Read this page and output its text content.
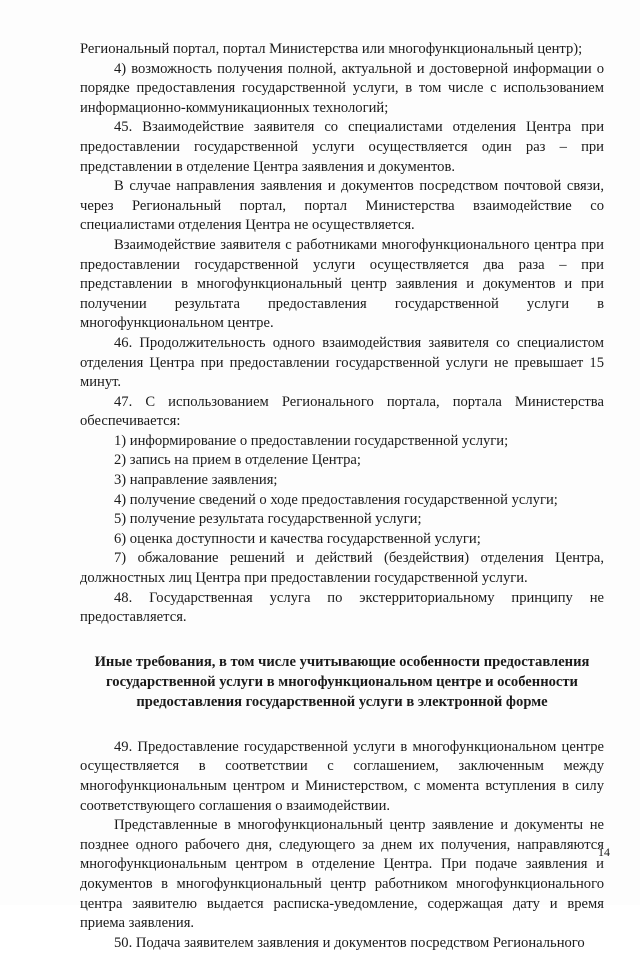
Региональный портал, портал Министерства или многофункциональный центр);

4) возможность получения полной, актуальной и достоверной информации о порядке предоставления государственной услуги, в том числе с использованием информационно-коммуникационных технологий;

45. Взаимодействие заявителя со специалистами отделения Центра при предоставлении государственной услуги осуществляется один раз – при представлении в отделение Центра заявления и документов.

В случае направления заявления и документов посредством почтовой связи, через Региональный портал, портал Министерства взаимодействие со специалистами отделения Центра не осуществляется.

Взаимодействие заявителя с работниками многофункционального центра при предоставлении государственной услуги осуществляется два раза – при представлении в многофункциональный центр заявления и документов и при получении результата предоставления государственной услуги в многофункциональном центре.

46. Продолжительность одного взаимодействия заявителя со специалистом отделения Центра при предоставлении государственной услуги не превышает 15 минут.

47. С использованием Регионального портала, портала Министерства обеспечивается:

1) информирование о предоставлении государственной услуги;

2) запись на прием в отделение Центра;

3) направление заявления;

4) получение сведений о ходе предоставления государственной услуги;

5) получение результата государственной услуги;

6) оценка доступности и качества государственной услуги;

7) обжалование решений и действий (бездействия) отделения Центра, должностных лиц Центра при предоставлении государственной услуги.

48. Государственная услуга по экстерриториальному принципу не предоставляется.

Иные требования, в том числе учитывающие особенности предоставления государственной услуги в многофункциональном центре и особенности предоставления государственной услуги в электронной форме

49. Предоставление государственной услуги в многофункциональном центре осуществляется в соответствии с соглашением, заключенным между многофункциональным центром и Министерством, с момента вступления в силу соответствующего соглашения о взаимодействии.

Представленные в многофункциональный центр заявление и документы не позднее одного рабочего дня, следующего за днем их получения, направляются многофункциональным центром в отделение Центра. При подаче заявления и документов в многофункциональный центр работником многофункционального центра заявителю выдается расписка-уведомление, содержащая дату и время приема заявления.

50. Подача заявителем заявления и документов посредством Регионального

14
